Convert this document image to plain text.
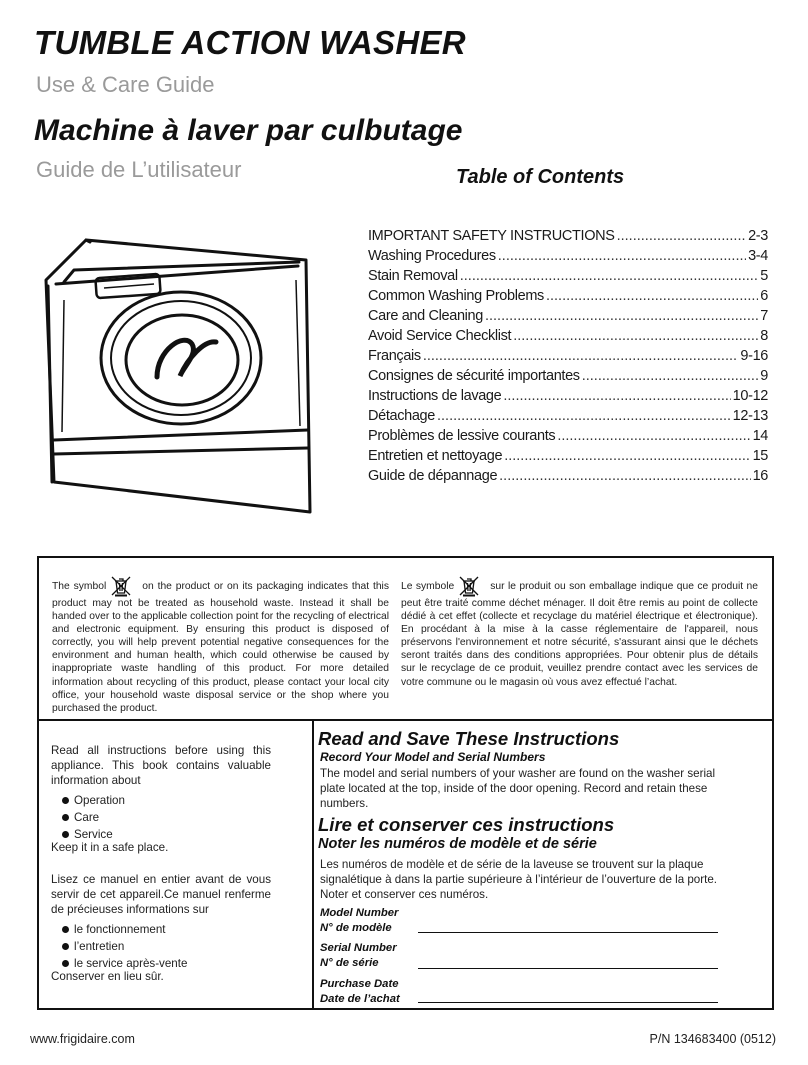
TUMBLE ACTION WASHER
Use & Care Guide
Machine à laver par culbutage
Guide de L’utilisateur	Table of Contents
IMPORTANT SAFETY INSTRUCTIONS .....	2-3
Washing Procedures .....	3-4
Stain Removal .....	5
Common Washing Problems .....	6
Care and Cleaning .....	7
Avoid Service Checklist .....	8
Français .....	9-16
Consignes de sécurité importantes .....	9
Instructions de lavage .....	10-12
Détachage .....	12-13
Problèmes de lessive courants .....	14
Entretien et nettoyage .....	15
Guide de dépannage .....	16
The symbol	on the product or on its packaging indicates that this product may not be treated as household waste. Instead it shall be handed over to the applicable collection point for the recycling of electrical and electronic equipment. By ensuring this product is disposed of correctly, you will help prevent potential negative consequences for the environment and human health, which could otherwise be caused by inappropriate waste handling of this product. For more detailed information about recycling of this product, please contact your local city office, your household waste disposal service or the shop where you purchased the product.
Le symbole	sur le produit ou son emballage indique que ce produit ne peut être traité comme déchet ménager. Il doit être remis au point de collecte dédié à cet effet (collecte et recyclage du matériel électrique et électronique). En procédant à la mise à la casse réglementaire de l'appareil, nous préservons l'environnement et notre sécurité, s'assurant ainsi que le déchets seront traités dans des conditions appropriées. Pour obtenir plus de détails sur le recyclage de ce produit, veuillez prendre contact avec les services de votre commune ou le magasin où vous avez effectué l’achat.

Read all instructions before using this appliance. This book contains valuable information about

Operation
Care
Service

Keep it in a safe place.

Lisez ce manuel en entier avant de vous servir de cet appareil.Ce manuel renferme de précieuses informations sur

le fonctionnement
l’entretien
le service après-vente

Conserver en lieu sûr.

Read and Save These Instructions
Record Your Model and Serial Numbers
The model and serial numbers of your washer are found on the washer serial plate located at the top, inside of the door opening. Record and retain these numbers.
Lire et conserver ces instructions
Noter les numéros de modèle et de série
Les numéros de modèle et de série de la laveuse se trouvent sur la plaque signalétique à dans la partie supérieure à l’intérieur de l’ouverture de la porte. Noter et conserver ces numéros.
Model Number
N° de modèle
Serial Number
N° de série
Purchase Date
Date de l’achat
www.frigidaire.com	P/N 134683400 (0512)
